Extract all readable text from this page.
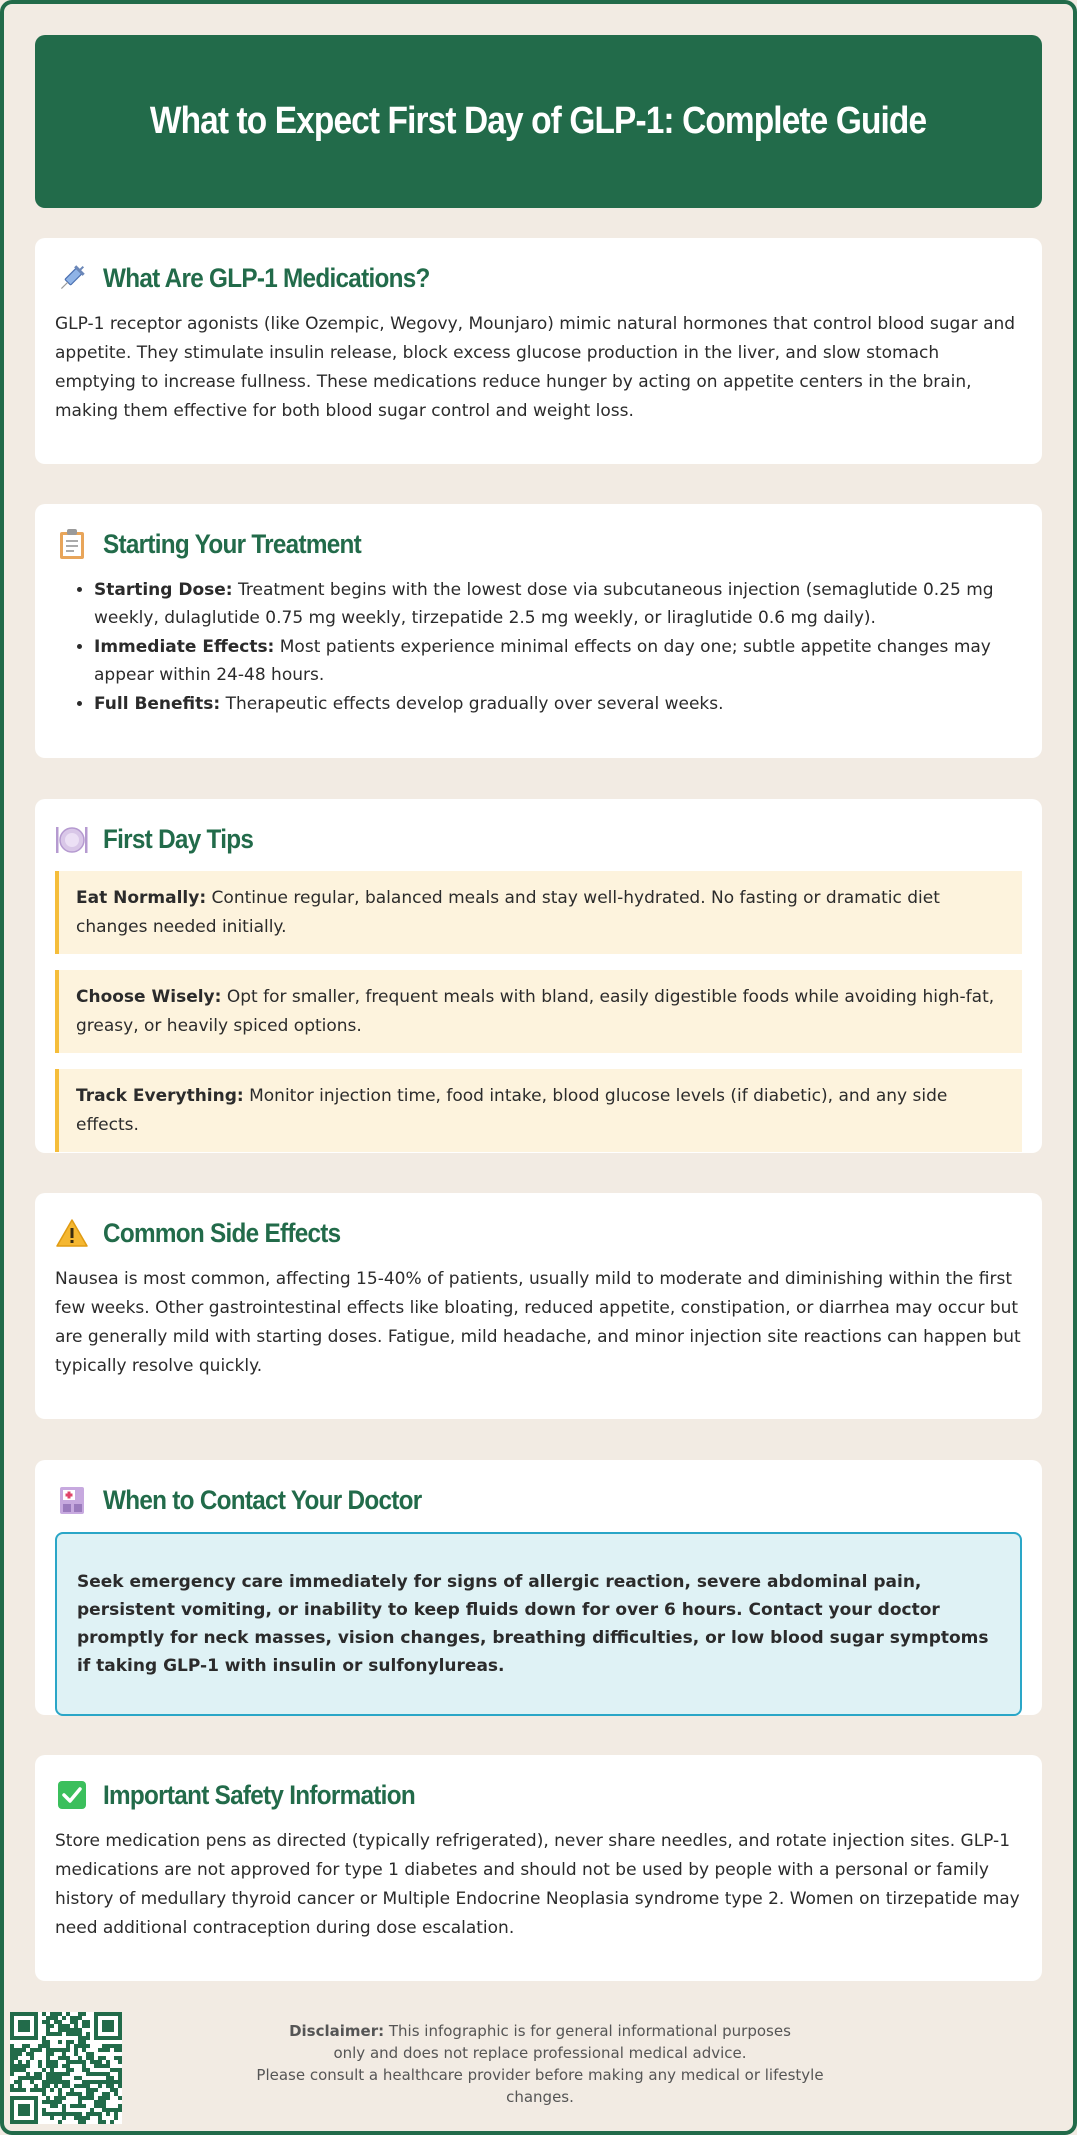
What to Expect First Day of GLP-1: Complete Guide
What Are GLP-1 Medications?

GLP-1 receptor agonists (like Ozempic, Wegovy, Mounjaro) mimic natural hormones that control blood sugar and appetite. They stimulate insulin release, block excess glucose production in the liver, and slow stomach emptying to increase fullness. These medications reduce hunger by acting on appetite centers in the brain, making them effective for both blood sugar control and weight loss.

Starting Your Treatment
• Starting Dose: Treatment begins with the lowest dose via subcutaneous injection (semaglutide 0.25 mg weekly, dulaglutide 0.75 mg weekly, tirzepatide 2.5 mg weekly, or liraglutide 0.6 mg daily).
• Immediate Effects: Most patients experience minimal effects on day one; subtle appetite changes may appear within 24-48 hours.
• Full Benefits: Therapeutic effects develop gradually over several weeks.
First Day Tips
Eat Normally: Continue regular, balanced meals and stay well-hydrated. No fasting or dramatic diet changes needed initially.
Choose Wisely: Opt for smaller, frequent meals with bland, easily digestible foods while avoiding high-fat, greasy, or heavily spiced options.
Track Everything: Monitor injection time, food intake, blood glucose levels (if diabetic), and any side effects.
Common Side Effects

Nausea is most common, affecting 15-40% of patients, usually mild to moderate and diminishing within the first few weeks. Other gastrointestinal effects like bloating, reduced appetite, constipation, or diarrhea may occur but are generally mild with starting doses. Fatigue, mild headache, and minor injection site reactions can happen but typically resolve quickly.

When to Contact Your Doctor
Seek emergency care immediately for signs of allergic reaction, severe abdominal pain, persistent vomiting, or inability to keep fluids down for over 6 hours. Contact your doctor promptly for neck masses, vision changes, breathing difficulties, or low blood sugar symptoms if taking GLP-1 with insulin or sulfonylureas.
Important Safety Information

Store medication pens as directed (typically refrigerated), never share needles, and rotate injection sites. GLP-1 medications are not approved for type 1 diabetes and should not be used by people with a personal or family history of medullary thyroid cancer or Multiple Endocrine Neoplasia syndrome type 2. Women on tirzepatide may need additional contraception during dose escalation.

Disclaimer: This infographic is for general informational purposes
only and does not replace professional medical advice.
Please consult a healthcare provider before making any medical or lifestyle changes.
